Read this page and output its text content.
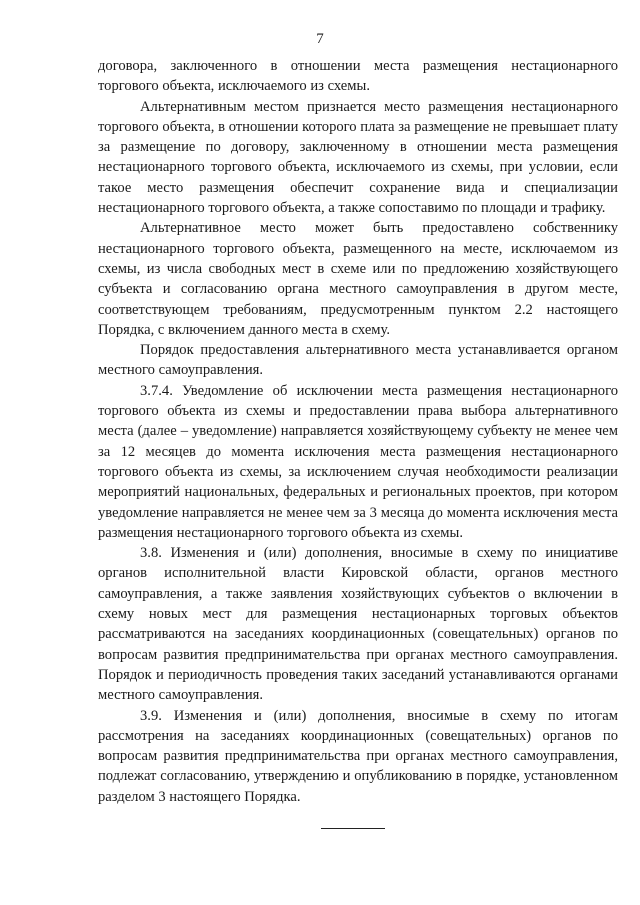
7

договора, заключенного в отношении места размещения нестационарного торгового объекта, исключаемого из схемы.

Альтернативным местом признается место размещения нестационарного торгового объекта, в отношении которого плата за размещение не превышает плату за размещение по договору, заключенному в отношении места размещения нестационарного торгового объекта, исключаемого из схемы, при условии, если такое место размещения обеспечит сохранение вида и специализации нестационарного торгового объекта, а также сопоставимо по площади и трафику.

Альтернативное место может быть предоставлено собственнику нестационарного торгового объекта, размещенного на месте, исключаемом из схемы, из числа свободных мест в схеме или по предложению хозяйствующего субъекта и согласованию органа местного самоуправления в другом месте, соответствующем требованиям, предусмотренным пунктом 2.2 настоящего Порядка, с включением данного места в схему.

Порядок предоставления альтернативного места устанавливается органом местного самоуправления.

3.7.4. Уведомление об исключении места размещения нестационарного торгового объекта из схемы и предоставлении права выбора альтернативного места (далее – уведомление) направляется хозяйствующему субъекту не менее чем за 12 месяцев до момента исключения места размещения нестационарного торгового объекта из схемы, за исключением случая необходимости реализации мероприятий национальных, федеральных и региональных проектов, при котором уведомление направляется не менее чем за 3 месяца до момента исключения места размещения нестационарного торгового объекта из схемы.

3.8. Изменения и (или) дополнения, вносимые в схему по инициативе органов исполнительной власти Кировской области, органов местного самоуправления, а также заявления хозяйствующих субъектов о включении в схему новых мест для размещения нестационарных торговых объектов рассматриваются на заседаниях координационных (совещательных) органов по вопросам развития предпринимательства при органах местного самоуправления. Порядок и периодичность проведения таких заседаний устанавливаются органами местного самоуправления.

3.9. Изменения и (или) дополнения, вносимые в схему по итогам рассмотрения на заседаниях координационных (совещательных) органов по вопросам развития предпринимательства при органах местного самоуправления, подлежат согласованию, утверждению и опубликованию в порядке, установленном разделом 3 настоящего Порядка.
